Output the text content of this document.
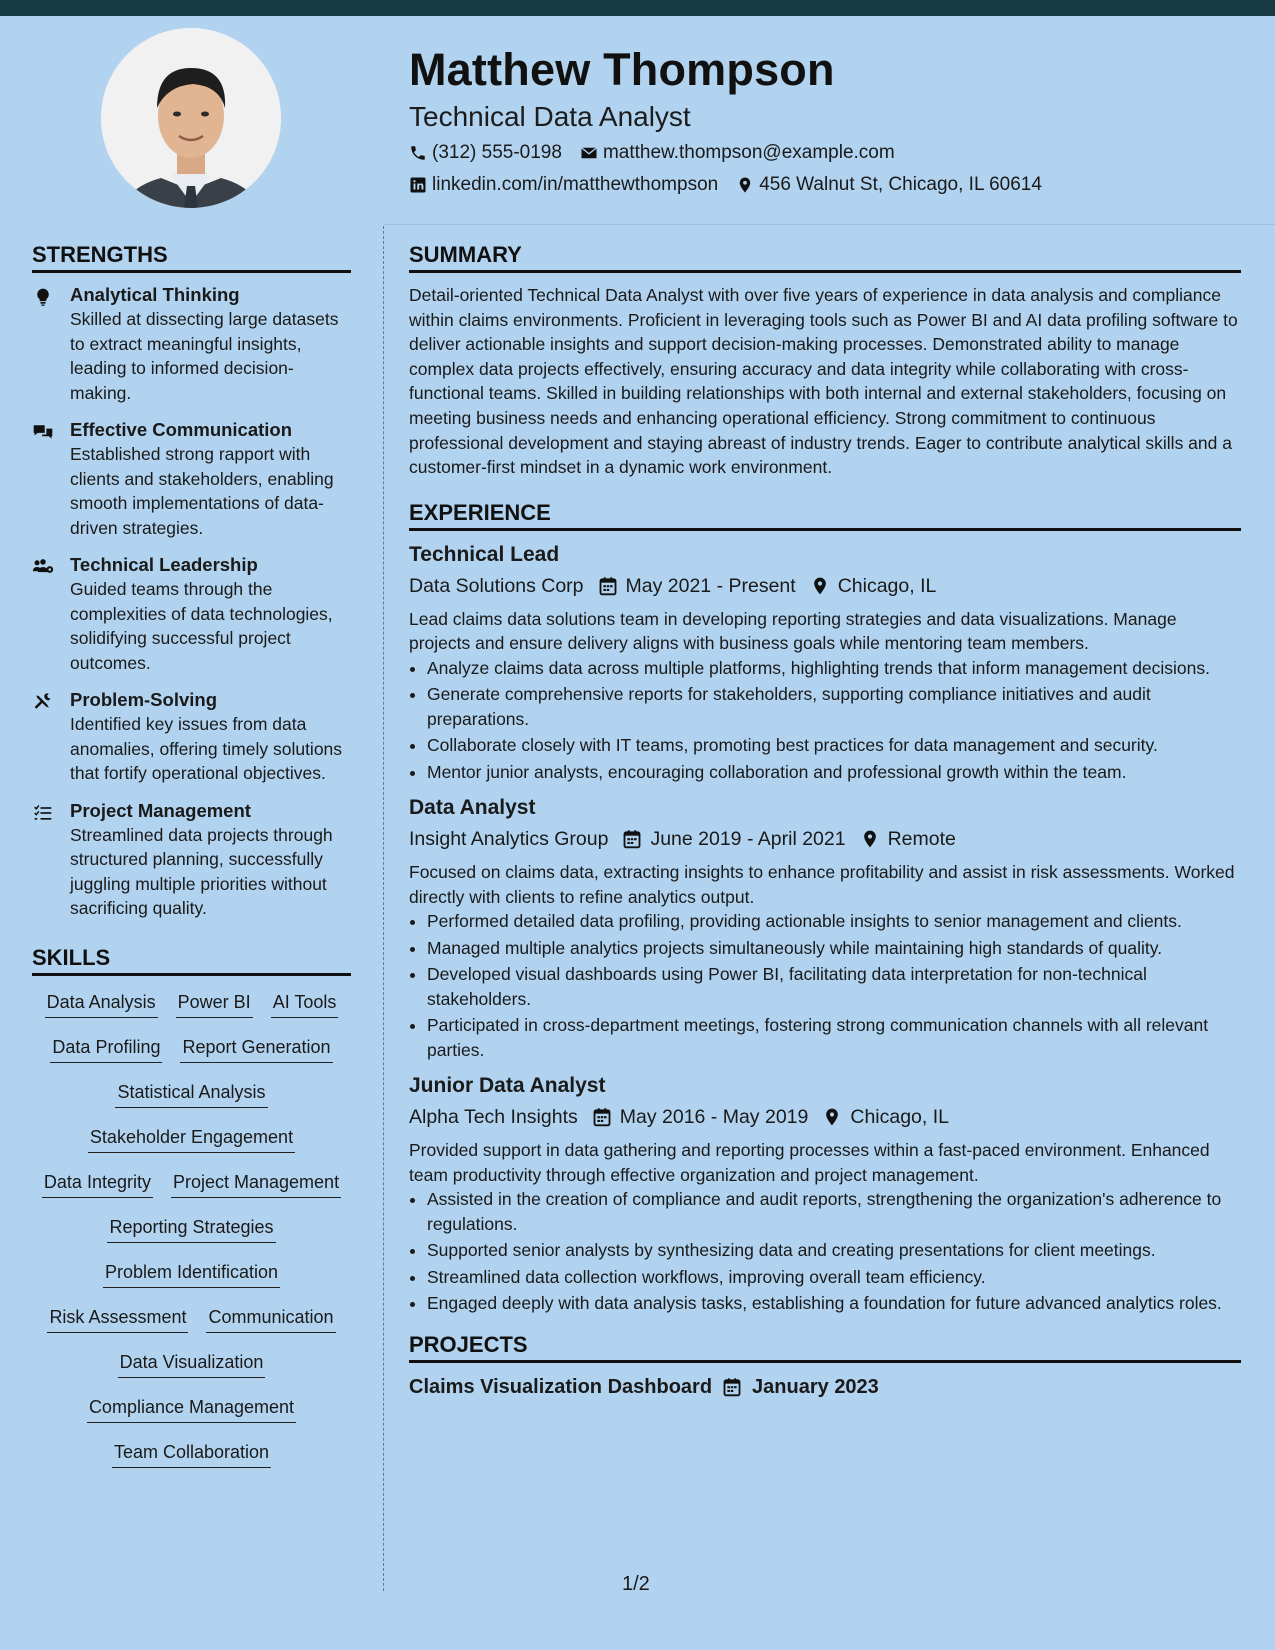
Matthew Thompson
Technical Data Analyst
(312) 555-0198 matthew.thompson@example.com
linkedin.com/in/matthewthompson 456 Walnut St, Chicago, IL 60614
STRENGTHS
Analytical Thinking
Skilled at dissecting large datasets to extract meaningful insights, leading to informed decision-making.
Effective Communication
Established strong rapport with clients and stakeholders, enabling smooth implementations of data-driven strategies.
Technical Leadership
Guided teams through the complexities of data technologies, solidifying successful project outcomes.
Problem-Solving
Identified key issues from data anomalies, offering timely solutions that fortify operational objectives.
Project Management
Streamlined data projects through structured planning, successfully juggling multiple priorities without sacrificing quality.
SKILLS
Data Analysis Power BI AI Tools
Data Profiling Report Generation
Statistical Analysis
Stakeholder Engagement
Data Integrity Project Management
Reporting Strategies
Problem Identification
Risk Assessment Communication
Data Visualization
Compliance Management
Team Collaboration
SUMMARY
Detail-oriented Technical Data Analyst with over five years of experience in data analysis and compliance within claims environments. Proficient in leveraging tools such as Power BI and AI data profiling software to deliver actionable insights and support decision-making processes. Demonstrated ability to manage complex data projects effectively, ensuring accuracy and data integrity while collaborating with cross-functional teams. Skilled in building relationships with both internal and external stakeholders, focusing on meeting business needs and enhancing operational efficiency. Strong commitment to continuous professional development and staying abreast of industry trends. Eager to contribute analytical skills and a customer-first mindset in a dynamic work environment.
EXPERIENCE
Technical Lead
Data Solutions Corp May 2021 - Present Chicago, IL
Lead claims data solutions team in developing reporting strategies and data visualizations. Manage projects and ensure delivery aligns with business goals while mentoring team members.
• Analyze claims data across multiple platforms, highlighting trends that inform management decisions.
• Generate comprehensive reports for stakeholders, supporting compliance initiatives and audit preparations.
• Collaborate closely with IT teams, promoting best practices for data management and security.
• Mentor junior analysts, encouraging collaboration and professional growth within the team.
Data Analyst
Insight Analytics Group June 2019 - April 2021 Remote
Focused on claims data, extracting insights to enhance profitability and assist in risk assessments. Worked directly with clients to refine analytics output.
• Performed detailed data profiling, providing actionable insights to senior management and clients.
• Managed multiple analytics projects simultaneously while maintaining high standards of quality.
• Developed visual dashboards using Power BI, facilitating data interpretation for non-technical stakeholders.
• Participated in cross-department meetings, fostering strong communication channels with all relevant parties.
Junior Data Analyst
Alpha Tech Insights May 2016 - May 2019 Chicago, IL
Provided support in data gathering and reporting processes within a fast-paced environment. Enhanced team productivity through effective organization and project management.
• Assisted in the creation of compliance and audit reports, strengthening the organization's adherence to regulations.
• Supported senior analysts by synthesizing data and creating presentations for client meetings.
• Streamlined data collection workflows, improving overall team efficiency.
• Engaged deeply with data analysis tasks, establishing a foundation for future advanced analytics roles.
PROJECTS
Claims Visualization Dashboard January 2023
1/2
